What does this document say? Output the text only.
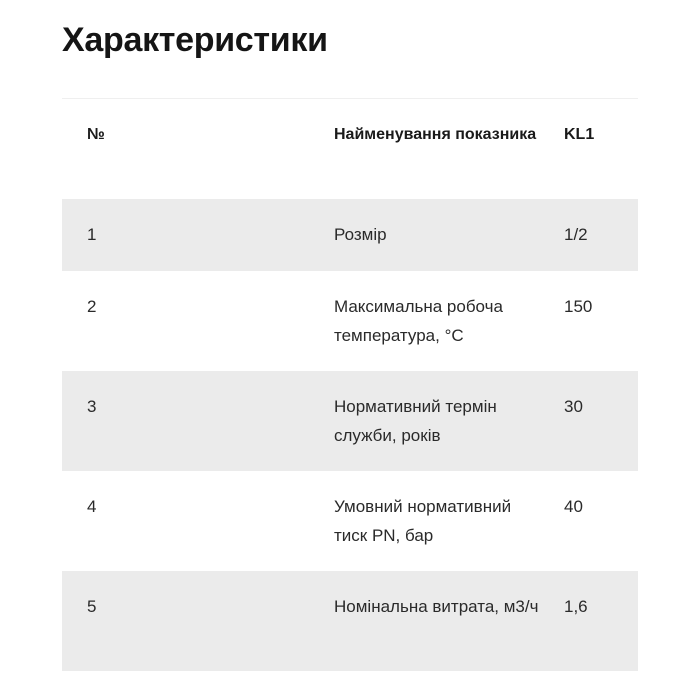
Характеристики
№	Найменування показника	KL1
1	Розмір	1/2
2	Максимальна робоча температура, °С	150
3	Нормативний термін служби, років	30
4	Умовний нормативний тиск PN, бар	40
5	Номінальна витрата, м3/ч	1,6
